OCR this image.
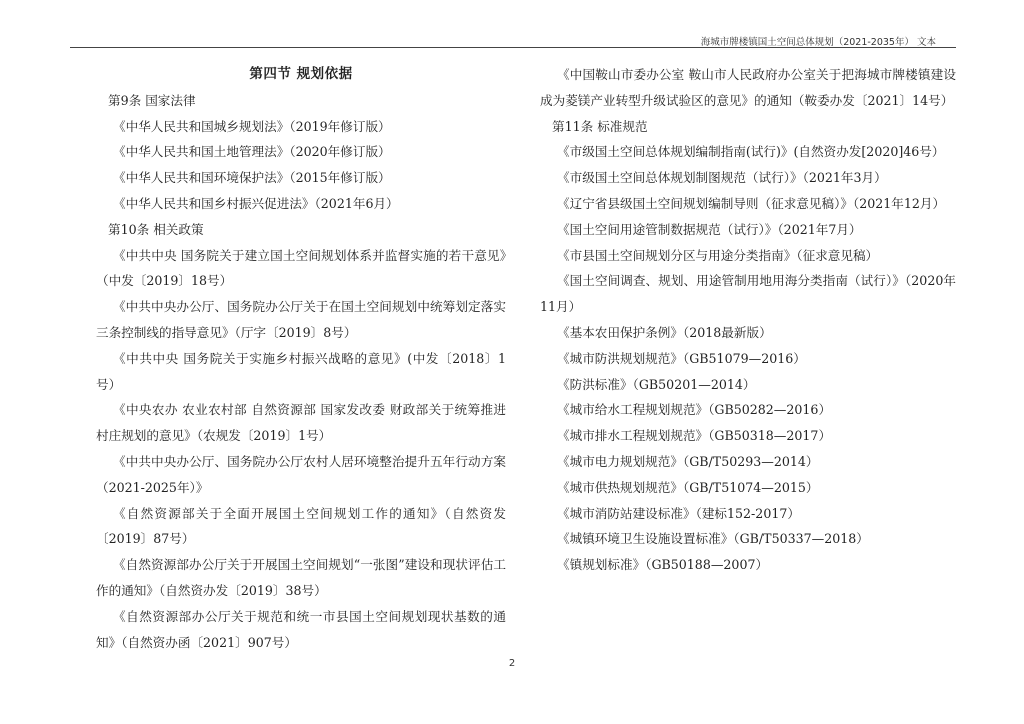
海城市牌楼镇国土空间总体规划（2021-2035年） 文本
第四节 规划依据
第9条 国家法律
《中华人民共和国城乡规划法》（2019年修订版）
《中华人民共和国土地管理法》（2020年修订版）
《中华人民共和国环境保护法》（2015年修订版）
《中华人民共和国乡村振兴促进法》（2021年6月）
第10条 相关政策
《中共中央 国务院关于建立国土空间规划体系并监督实施的若干意见》（中发〔2019〕18号）
《中共中央办公厅、国务院办公厅关于在国土空间规划中统筹划定落实三条控制线的指导意见》（厅字〔2019〕8号）
《中共中央 国务院关于实施乡村振兴战略的意见》(中发〔2018〕1号）
《中央农办 农业农村部 自然资源部 国家发改委 财政部关于统筹推进村庄规划的意见》（农规发〔2019〕1号）
《中共中央办公厅、国务院办公厅农村人居环境整治提升五年行动方案（2021-2025年）》
《自然资源部关于全面开展国土空间规划工作的通知》（自然资发〔2019〕87号）
《自然资源部办公厅关于开展国土空间规划“一张图”建设和现状评估工作的通知》（自然资办发〔2019〕38号）
《自然资源部办公厅关于规范和统一市县国土空间规划现状基数的通知》（自然资办函〔2021〕907号）
《中国鞍山市委办公室 鞍山市人民政府办公室关于把海城市牌楼镇建设成为菱镁产业转型升级试验区的意见》的通知（鞍委办发〔2021〕14号）
第11条 标准规范
《市级国土空间总体规划编制指南(试行)》(自然资办发[2020]46号）
《市级国土空间总体规划制图规范（试行）》（2021年3月）
《辽宁省县级国土空间规划编制导则（征求意见稿）》（2021年12月）
《国土空间用途管制数据规范（试行）》（2021年7月）
《市县国土空间规划分区与用途分类指南》（征求意见稿）
《国土空间调查、规划、用途管制用地用海分类指南（试行）》（2020年11月）
《基本农田保护条例》（2018最新版）
《城市防洪规划规范》（GB51079—2016）
《防洪标准》（GB50201—2014）
《城市给水工程规划规范》（GB50282—2016）
《城市排水工程规划规范》（GB50318—2017）
《城市电力规划规范》（GB/T50293—2014）
《城市供热规划规范》（GB/T51074—2015）
《城市消防站建设标准》（建标152-2017）
《城镇环境卫生设施设置标准》（GB/T50337—2018）
《镇规划标准》（GB50188—2007）
2
